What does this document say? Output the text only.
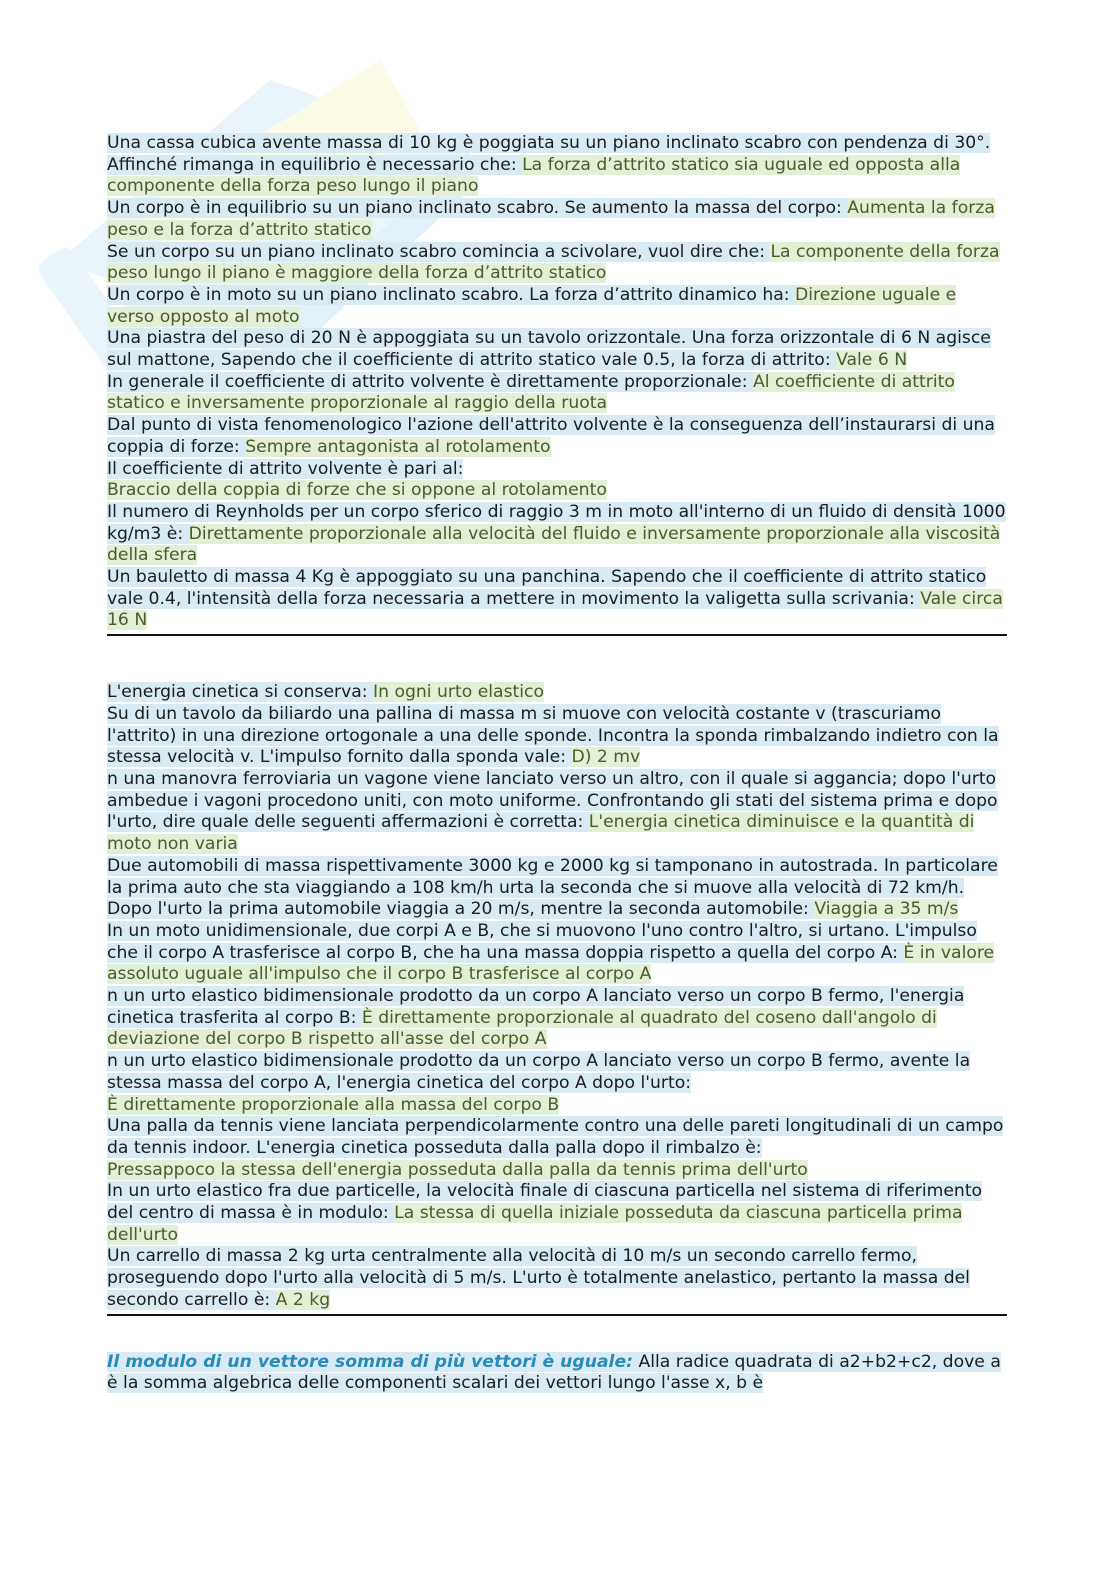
Una cassa cubica avente massa di 10 kg è poggiata su un piano inclinato scabro con pendenza di 30°. Affinché rimanga in equilibrio è necessario che: La forza d’attrito statico sia uguale ed opposta alla componente della forza peso lungo il piano

Un corpo è in equilibrio su un piano inclinato scabro. Se aumento la massa del corpo: Aumenta la forza peso e la forza d’attrito statico

Se un corpo su un piano inclinato scabro comincia a scivolare, vuol dire che: La componente della forza peso lungo il piano è maggiore della forza d’attrito statico

Un corpo è in moto su un piano inclinato scabro. La forza d’attrito dinamico ha: Direzione uguale e verso opposto al moto

Una piastra del peso di 20 N è appoggiata su un tavolo orizzontale. Una forza orizzontale di 6 N agisce sul mattone, Sapendo che il coefficiente di attrito statico vale 0.5, la forza di attrito: Vale 6 N

In generale il coefficiente di attrito volvente è direttamente proporzionale: Al coefficiente di attrito statico e inversamente proporzionale al raggio della ruota

Dal punto di vista fenomenologico l'azione dell'attrito volvente è la conseguenza dell’instaurarsi di una coppia di forze: Sempre antagonista al rotolamento

Il coefficiente di attrito volvente è pari al:
Braccio della coppia di forze che si oppone al rotolamento

Il numero di Reynholds per un corpo sferico di raggio 3 m in moto all'interno di un fluido di densità 1000 kg/m3 è: Direttamente proporzionale alla velocità del fluido e inversamente proporzionale alla viscosità della sfera

Un bauletto di massa 4 Kg è appoggiato su una panchina. Sapendo che il coefficiente di attrito statico vale 0.4, l'intensità della forza necessaria a mettere in movimento la valigetta sulla scrivania: Vale circa 16 N

L'energia cinetica si conserva: In ogni urto elastico

Su di un tavolo da biliardo una pallina di massa m si muove con velocità costante v (trascuriamo l'attrito) in una direzione ortogonale a una delle sponde. Incontra la sponda rimbalzando indietro con la stessa velocità v. L'impulso fornito dalla sponda vale: D) 2 mv

n una manovra ferroviaria un vagone viene lanciato verso un altro, con il quale si aggancia; dopo l'urto ambedue i vagoni procedono uniti, con moto uniforme. Confrontando gli stati del sistema prima e dopo l'urto, dire quale delle seguenti affermazioni è corretta: L'energia cinetica diminuisce e la quantità di moto non varia

Due automobili di massa rispettivamente 3000 kg e 2000 kg si tamponano in autostrada. In particolare la prima auto che sta viaggiando a 108 km/h urta la seconda che si muove alla velocità di 72 km/h. Dopo l'urto la prima automobile viaggia a 20 m/s, mentre la seconda automobile: Viaggia a 35 m/s

In un moto unidimensionale, due corpi A e B, che si muovono l'uno contro l'altro, si urtano. L'impulso che il corpo A trasferisce al corpo B, che ha una massa doppia rispetto a quella del corpo A: È in valore assoluto uguale all'impulso che il corpo B trasferisce al corpo A

n un urto elastico bidimensionale prodotto da un corpo A lanciato verso un corpo B fermo, l'energia cinetica trasferita al corpo B: È direttamente proporzionale al quadrato del coseno dall'angolo di deviazione del corpo B rispetto all'asse del corpo A

n un urto elastico bidimensionale prodotto da un corpo A lanciato verso un corpo B fermo, avente la stessa massa del corpo A, l'energia cinetica del corpo A dopo l'urto:
È direttamente proporzionale alla massa del corpo B

Una palla da tennis viene lanciata perpendicolarmente contro una delle pareti longitudinali di un campo da tennis indoor. L'energia cinetica posseduta dalla palla dopo il rimbalzo è:
Pressappoco la stessa dell'energia posseduta dalla palla da tennis prima dell'urto

In un urto elastico fra due particelle, la velocità finale di ciascuna particella nel sistema di riferimento del centro di massa è in modulo: La stessa di quella iniziale posseduta da ciascuna particella prima dell'urto

Un carrello di massa 2 kg urta centralmente alla velocità di 10 m/s un secondo carrello fermo, proseguendo dopo l'urto alla velocità di 5 m/s. L'urto è totalmente anelastico, pertanto la massa del secondo carrello è: A 2 kg

Il modulo di un vettore somma di più vettori è uguale: Alla radice quadrata di a2+b2+c2, dove a è la somma algebrica delle componenti scalari dei vettori lungo l'asse x, b è
